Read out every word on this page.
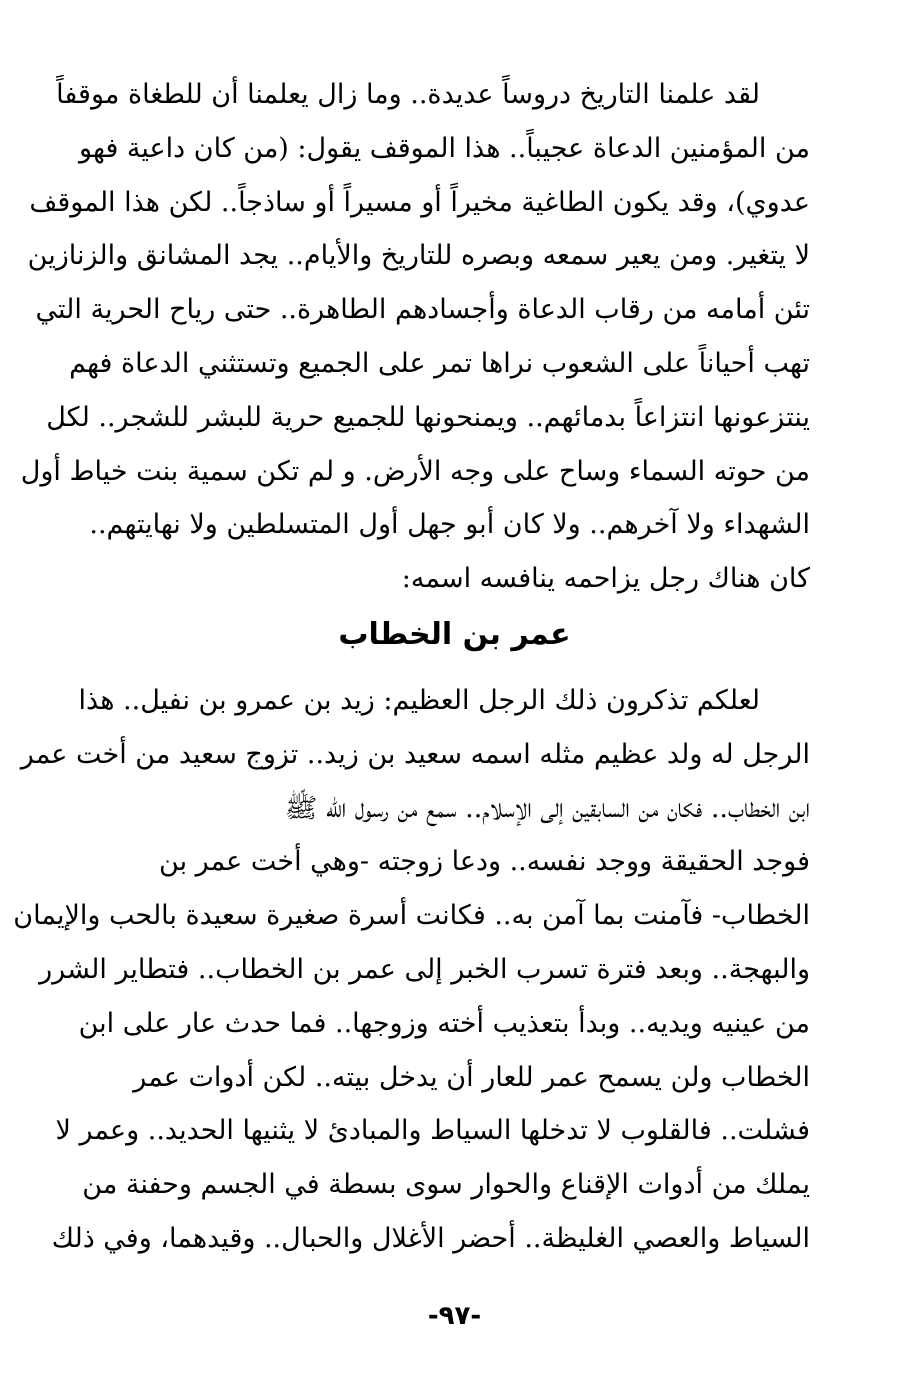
لقد علمنا التاريخ دروساً عديدة.. وما زال يعلمنا أن للطغاة موقفاً
من المؤمنين الدعاة عجيباً.. هذا الموقف يقول: (من كان داعية فهو
عدوي)، وقد يكون الطاغية مخيراً أو مسيراً أو ساذجاً.. لكن هذا الموقف
لا يتغير. ومن يعير سمعه وبصره للتاريخ والأيام.. يجد المشانق والزنازين
تئن أمامه من رقاب الدعاة وأجسادهم الطاهرة.. حتى رياح الحرية التي
تهب أحياناً على الشعوب نراها تمر على الجميع وتستثني الدعاة فهم
ينتزعونها انتزاعاً بدمائهم.. ويمنحونها للجميع حرية للبشر للشجر.. لكل
من حوته السماء وساح على وجه الأرض. و لم تكن سمية بنت خياط أول
الشهداء ولا آخرهم.. ولا كان أبو جهل أول المتسلطين ولا نهايتهم..
كان هناك رجل يزاحمه ينافسه اسمه:
عمر بن الخطاب
لعلكم تذكرون ذلك الرجل العظيم: زيد بن عمرو بن نفيل.. هذا
الرجل له ولد عظيم مثله اسمه سعيد بن زيد.. تزوج سعيد من أخت عمر
ابن الخطاب.. فكان من السابقين إلى الإسلام.. سمع من رسول الله ﷺ
فوجد الحقيقة ووجد نفسه.. ودعا زوجته -وهي أخت عمر بن
الخطاب- فآمنت بما آمن به.. فكانت أسرة صغيرة سعيدة بالحب والإيمان
والبهجة.. وبعد فترة تسرب الخبر إلى عمر بن الخطاب.. فتطاير الشرر
من عينيه ويديه.. وبدأ بتعذيب أخته وزوجها.. فما حدث عار على ابن
الخطاب ولن يسمح عمر للعار أن يدخل بيته.. لكن أدوات عمر
فشلت.. فالقلوب لا تدخلها السياط والمبادئ لا يثنيها الحديد.. وعمر لا
يملك من أدوات الإقناع والحوار سوى بسطة في الجسم وحفنة من
السياط والعصي الغليظة.. أحضر الأغلال والحبال.. وقيدهما، وفي ذلك
-٩٧-
